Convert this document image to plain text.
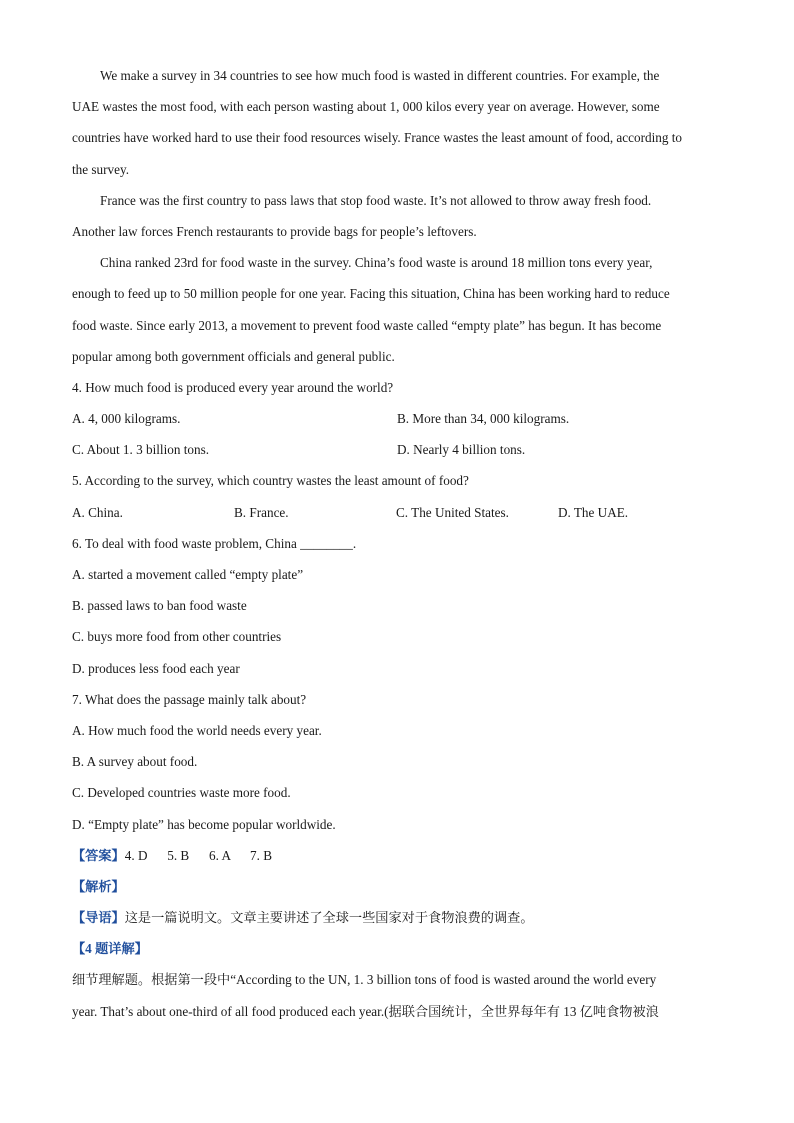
We make a survey in 34 countries to see how much food is wasted in different countries. For example, the

UAE wastes the most food, with each person wasting about 1, 000 kilos every year on average. However, some

countries have worked hard to use their food resources wisely. France wastes the least amount of food, according to

the survey.

France was the first country to pass laws that stop food waste. It’s not allowed to throw away fresh food.

Another law forces French restaurants to provide bags for people’s leftovers.

China ranked 23rd for food waste in the survey. China’s food waste is around 18 million tons every year,

enough to feed up to 50 million people for one year. Facing this situation, China has been working hard to reduce

food waste. Since early 2013, a movement to prevent food waste called “empty plate” has begun. It has become

popular among both government officials and general public.

4. How much food is produced every year around the world?

A. 4, 000 kilograms.	B. More than 34, 000 kilograms.
C. About 1. 3 billion tons.	D. Nearly 4 billion tons.

5. According to the survey, which country wastes the least amount of food?

A. China.	B. France.	C. The United States.	D. The UAE.

6. To deal with food waste problem, China ________.

A. started a movement called “empty plate”

B. passed laws to ban food waste

C. buys more food from other countries

D. produces less food each year

7. What does the passage mainly talk about?

A. How much food the world needs every year.

B. A survey about food.

C. Developed countries waste more food.

D. “Empty plate” has become popular worldwide.

【答案】4. D      5. B      6. A      7. B

【解析】

【导语】这是一篇说明文。文章主要讲述了全球一些国家对于食物浪费的调查。

【4 题详解】

细节理解题。根据第一段中“According to the UN, 1. 3 billion tons of food is wasted around the world every

year. That’s about one-third of all food produced each year.(据联合国统计，全世界每年有 13 亿吨食物被浪
